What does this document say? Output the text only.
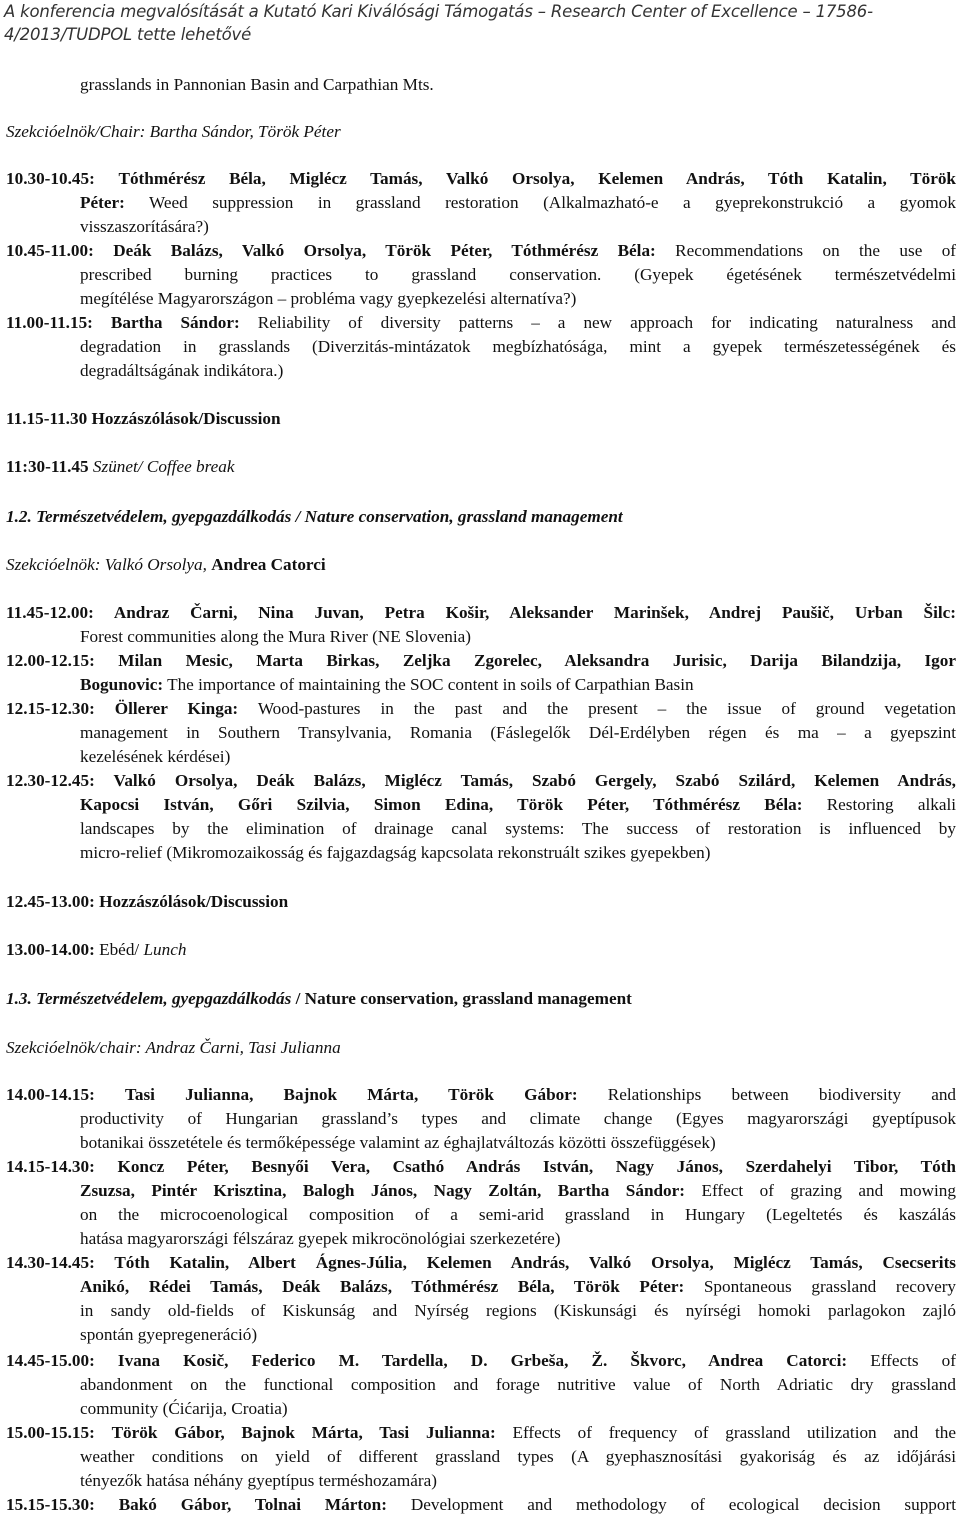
A konferencia megvalósítását a Kutató Kari Kiválósági Támogatás – Research Center of Excellence – 17586-
4/2013/TUDPOL tette lehetővé
grasslands in Pannonian Basin and Carpathian Mts.
Szekcióelnök/Chair: Bartha Sándor, Török Péter
10.30-10.45: Tóthmérész Béla, Miglécz Tamás, Valkó Orsolya, Kelemen András, Tóth Katalin, Török
Péter: Weed suppression in grassland restoration (Alkalmazható-e a gyeprekonstrukció a gyomok
visszaszorítására?)
10.45-11.00: Deák Balázs, Valkó Orsolya, Török Péter, Tóthmérész Béla: Recommendations on the use of
prescribed burning practices to grassland conservation. (Gyepek égetésének természetvédelmi
megítélése Magyarországon – probléma vagy gyepkezelési alternatíva?)
11.00-11.15: Bartha Sándor: Reliability of diversity patterns – a new approach for indicating naturalness and
degradation in grasslands (Diverzitás-mintázatok megbízhatósága, mint a gyepek természetességének és
degradáltságának indikátora.)
11.15-11.30 Hozzászólások/Discussion
11:30-11.45 Szünet/ Coffee break
1.2. Természetvédelem, gyepgazdálkodás / Nature conservation, grassland management
Szekcióelnök: Valkó Orsolya, Andrea Catorci
11.45-12.00: Andraz Čarni, Nina Juvan, Petra Košir, Aleksander Marinšek, Andrej Paušič, Urban Šilc:
Forest communities along the Mura River (NE Slovenia)
12.00-12.15: Milan Mesic, Marta Birkas, Zeljka Zgorelec, Aleksandra Jurisic, Darija Bilandzija, Igor
Bogunovic: The importance of maintaining the SOC content in soils of Carpathian Basin
12.15-12.30: Öllerer Kinga: Wood-pastures in the past and the present – the issue of ground vegetation
management in Southern Transylvania, Romania (Fáslegelők Dél-Erdélyben régen és ma – a gyepszint
kezelésének kérdései)
12.30-12.45: Valkó Orsolya, Deák Balázs, Miglécz Tamás, Szabó Gergely, Szabó Szilárd, Kelemen András,
Kapocsi István, Gőri Szilvia, Simon Edina, Török Péter, Tóthmérész Béla: Restoring alkali
landscapes by the elimination of drainage canal systems: The success of restoration is influenced by
micro-relief (Mikromozaikosság és fajgazdagság kapcsolata rekonstruált szikes gyepekben)
12.45-13.00: Hozzászólások/Discussion
13.00-14.00: Ebéd/ Lunch
1.3. Természetvédelem, gyepgazdálkodás / Nature conservation, grassland management
Szekcióelnök/chair: Andraz Čarni, Tasi Julianna
14.00-14.15: Tasi Julianna, Bajnok Márta, Török Gábor: Relationships between biodiversity and
productivity of Hungarian grassland’s types and climate change (Egyes magyarországi gyeptípusok
botanikai összetétele és termőképessége valamint az éghajlatváltozás közötti összefüggések)
14.15-14.30: Koncz Péter, Besnyői Vera, Csathó András István, Nagy János, Szerdahelyi Tibor, Tóth
Zsuzsa, Pintér Krisztina, Balogh János, Nagy Zoltán, Bartha Sándor: Effect of grazing and mowing
on the microcoenological composition of a semi-arid grassland in Hungary (Legeltetés és kaszálás
hatása magyarországi félszáraz gyepek mikrocönológiai szerkezetére)
14.30-14.45: Tóth Katalin, Albert Ágnes-Júlia, Kelemen András, Valkó Orsolya, Miglécz Tamás, Csecserits
Anikó, Rédei Tamás, Deák Balázs, Tóthmérész Béla, Török Péter: Spontaneous grassland recovery
in sandy old-fields of Kiskunság and Nyírség regions (Kiskunsági és nyírségi homoki parlagokon zajló
spontán gyepregeneráció)
14.45-15.00: Ivana Kosič, Federico M. Tardella, D. Grbeša, Ž. Škvorc, Andrea Catorci: Effects of
abandonment on the functional composition and forage nutritive value of North Adriatic dry grassland
community (Ćićarija, Croatia)
15.00-15.15: Török Gábor, Bajnok Márta, Tasi Julianna: Effects of frequency of grassland utilization and the
weather conditions on yield of different grassland types (A gyephasznosítási gyakoriság és az időjárási
tényezők hatása néhány gyeptípus terméshozamára)
15.15-15.30: Bakó Gábor, Tolnai Márton: Development and methodology of ecological decision support
